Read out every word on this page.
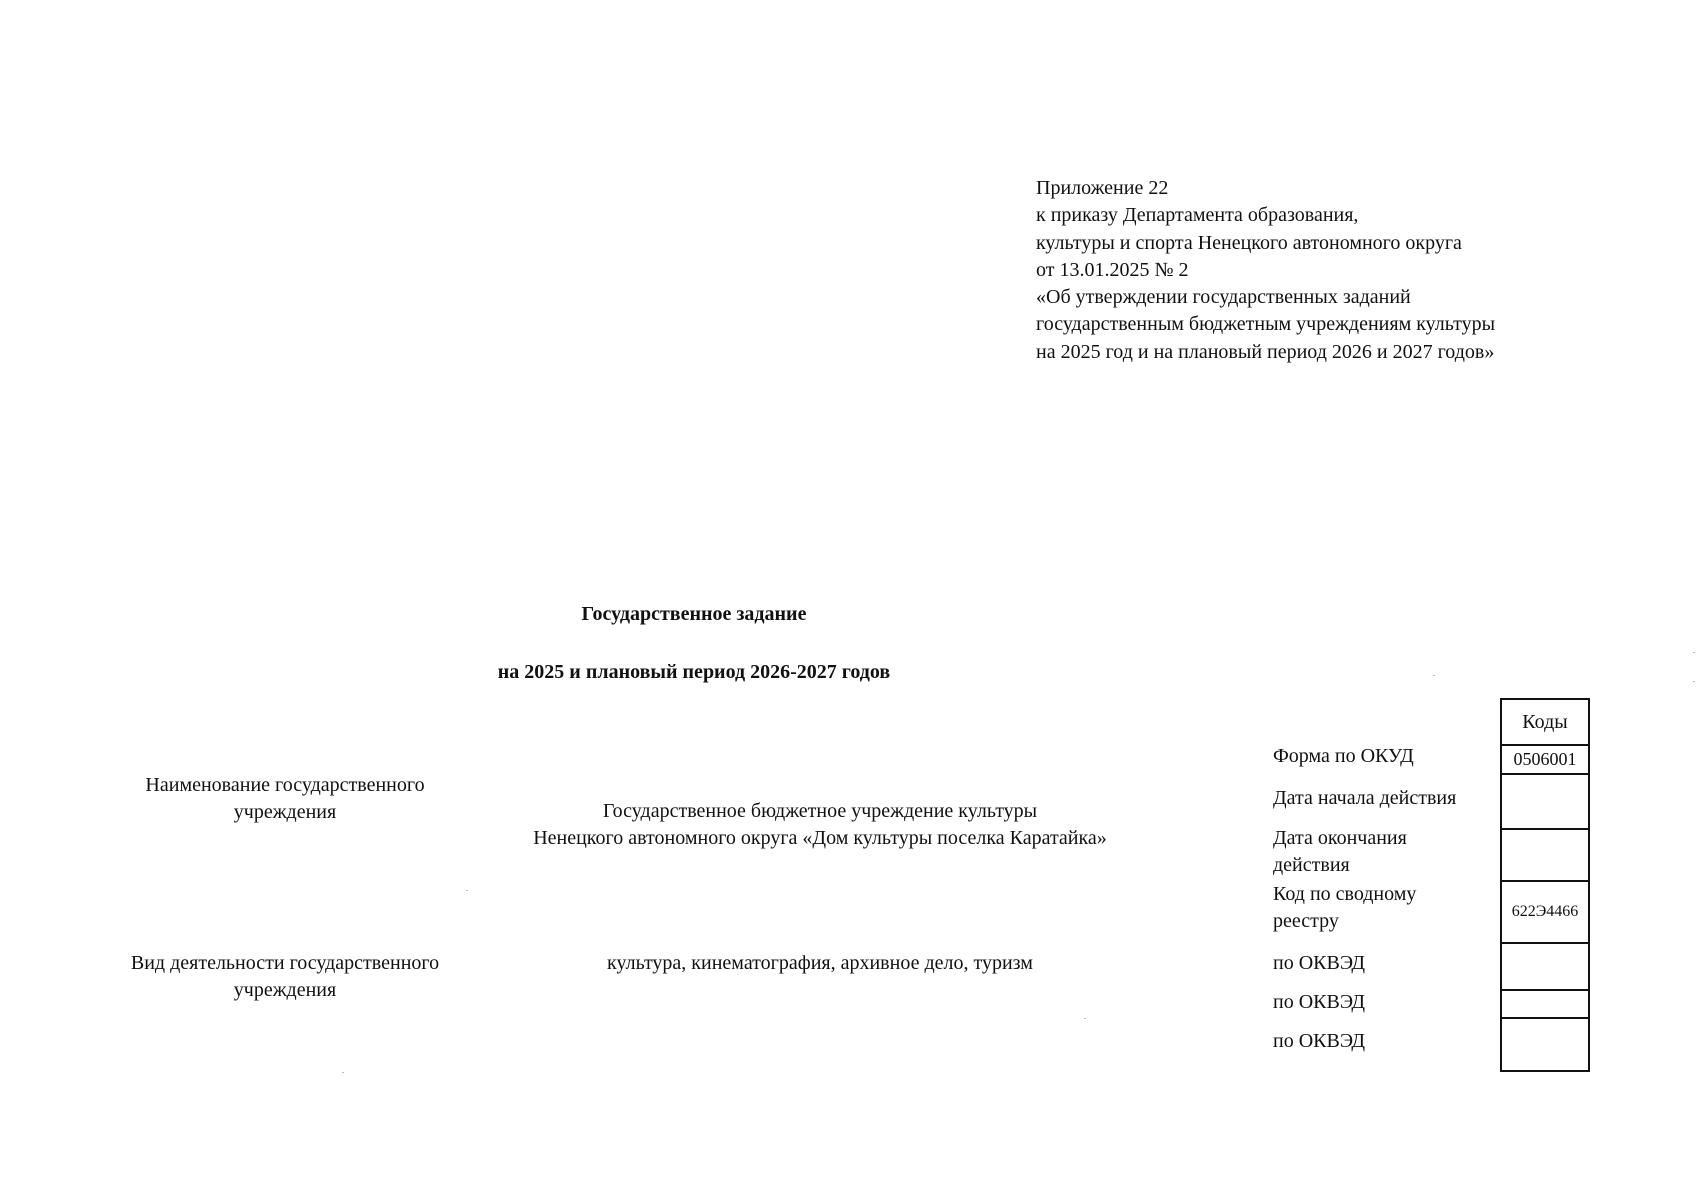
Приложение 22
к приказу Департамента образования,
культуры и спорта Ненецкого автономного округа
от 13.01.2025 № 2
«Об утверждении государственных заданий
государственным бюджетным учреждениям культуры
на 2025 год и на плановый период 2026 и 2027 годов»
Государственное задание
на 2025 и плановый период 2026-2027 годов
Наименование государственного
учреждения	Государственное бюджетное учреждение культуры
Ненецкого автономного округа «Дом культуры поселка Каратайка»
Вид деятельности государственного
учреждения
культура, кинематография, архивное дело, туризм
Форма по ОКУД
Дата начала действия
Дата окончания
действия
Код по сводному
реестру
по ОКВЭД
по ОКВЭД
по ОКВЭД
Коды
0506001
622Э4466
